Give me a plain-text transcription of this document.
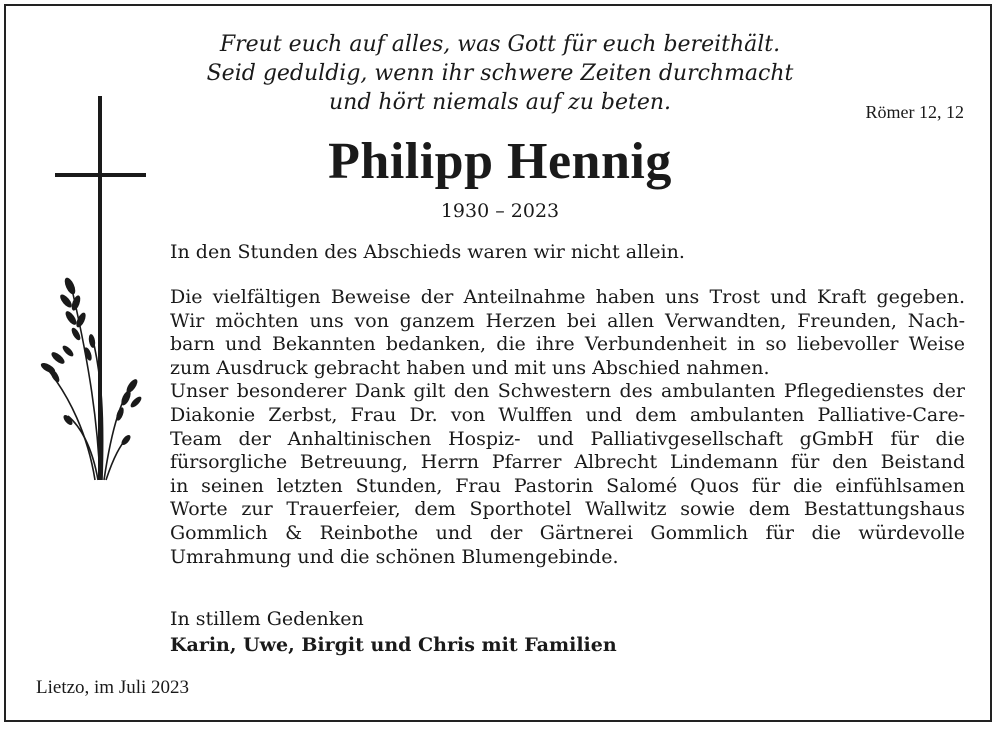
Freut euch auf alles, was Gott für euch bereithält.
Seid geduldig, wenn ihr schwere Zeiten durchmacht
und hört niemals auf zu beten.	Römer 12, 12
Philipp Hennig
1930 – 2023
In den Stunden des Abschieds waren wir nicht allein.
Die vielfältigen Beweise der Anteilnahme haben uns Trost und Kraft gegeben.
Wir möchten uns von ganzem Herzen bei allen Verwandten, Freunden, Nach-
barn und Bekannten bedanken, die ihre Verbundenheit in so liebevoller Weise
zum Ausdruck gebracht haben und mit uns Abschied nahmen.
Unser besonderer Dank gilt den Schwestern des ambulanten Pflegedienstes der
Diakonie Zerbst, Frau Dr. von Wulffen und dem ambulanten Palliative-Care-
Team der Anhaltinischen Hospiz- und Palliativgesellschaft gGmbH für die
fürsorgliche Betreuung, Herrn Pfarrer Albrecht Lindemann für den Beistand
in seinen letzten Stunden, Frau Pastorin Salomé Quos für die einfühlsamen
Worte zur Trauerfeier, dem Sporthotel Wallwitz sowie dem Bestattungshaus
Gommlich & Reinbothe und der Gärtnerei Gommlich für die würdevolle
Umrahmung und die schönen Blumengebinde.
In stillem Gedenken
Karin, Uwe, Birgit und Chris mit Familien
Lietzo, im Juli 2023
